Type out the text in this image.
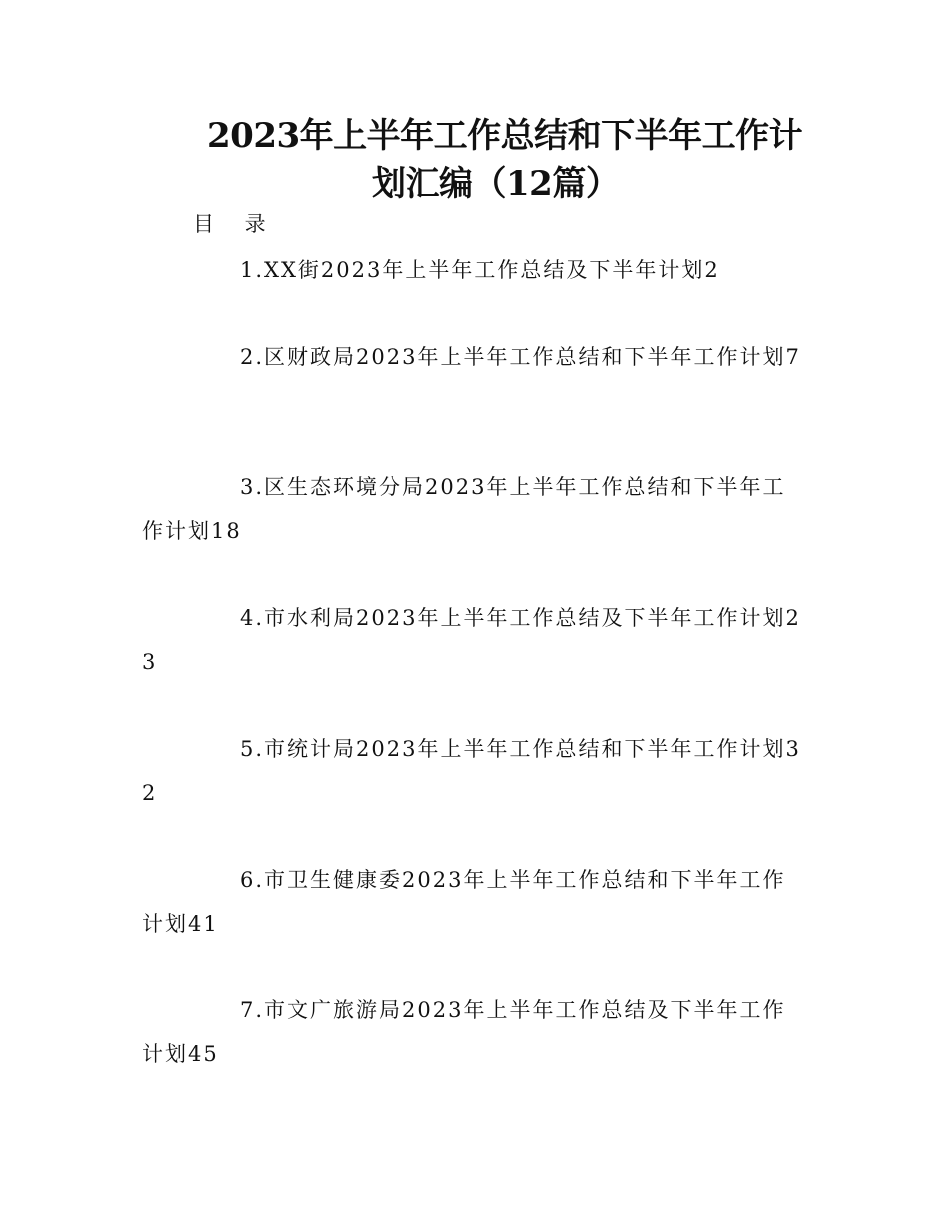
2023年上半年工作总结和下半年工作计
划汇编（12篇）
目 录
1.XX街2023年上半年工作总结及下半年计划2
2.区财政局2023年上半年工作总结和下半年工作计划7
3.区生态环境分局2023年上半年工作总结和下半年工作计划18
4.市水利局2023年上半年工作总结及下半年工作计划23
5.市统计局2023年上半年工作总结和下半年工作计划32
6.市卫生健康委2023年上半年工作总结和下半年工作计划41
7.市文广旅游局2023年上半年工作总结及下半年工作计划45
